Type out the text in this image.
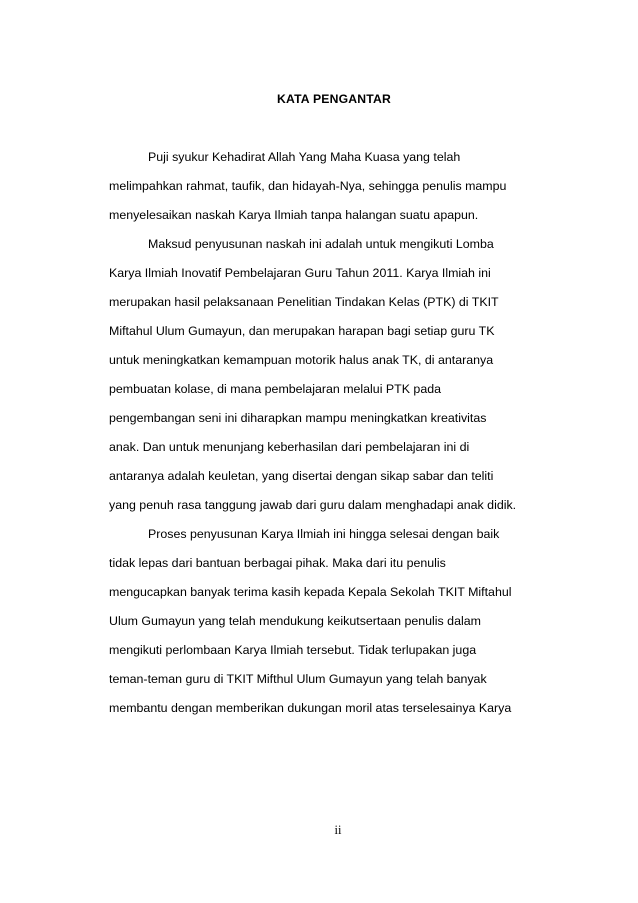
KATA PENGANTAR
Puji syukur Kehadirat Allah Yang Maha Kuasa yang telah
melimpahkan rahmat, taufik, dan hidayah-Nya, sehingga penulis mampu
menyelesaikan naskah Karya Ilmiah tanpa halangan suatu apapun.
Maksud penyusunan naskah ini adalah untuk mengikuti Lomba
Karya Ilmiah Inovatif Pembelajaran Guru Tahun 2011. Karya Ilmiah ini
merupakan hasil pelaksanaan Penelitian Tindakan Kelas (PTK) di TKIT
Miftahul Ulum Gumayun, dan merupakan harapan bagi setiap guru TK
untuk meningkatkan kemampuan motorik halus anak TK, di antaranya
pembuatan kolase, di mana pembelajaran melalui PTK pada
pengembangan seni ini diharapkan mampu meningkatkan kreativitas
anak. Dan untuk menunjang keberhasilan dari pembelajaran ini di
antaranya adalah keuletan, yang disertai dengan sikap sabar dan teliti
yang penuh rasa tanggung jawab dari guru dalam menghadapi anak didik.
Proses penyusunan Karya Ilmiah ini hingga selesai dengan baik
tidak lepas dari bantuan berbagai pihak. Maka dari itu penulis
mengucapkan banyak terima kasih kepada Kepala Sekolah TKIT Miftahul
Ulum Gumayun yang telah mendukung keikutsertaan penulis dalam
mengikuti perlombaan Karya Ilmiah tersebut. Tidak terlupakan juga
teman-teman guru di TKIT Mifthul Ulum Gumayun yang telah banyak
membantu dengan memberikan dukungan moril atas terselesainya Karya
ii
